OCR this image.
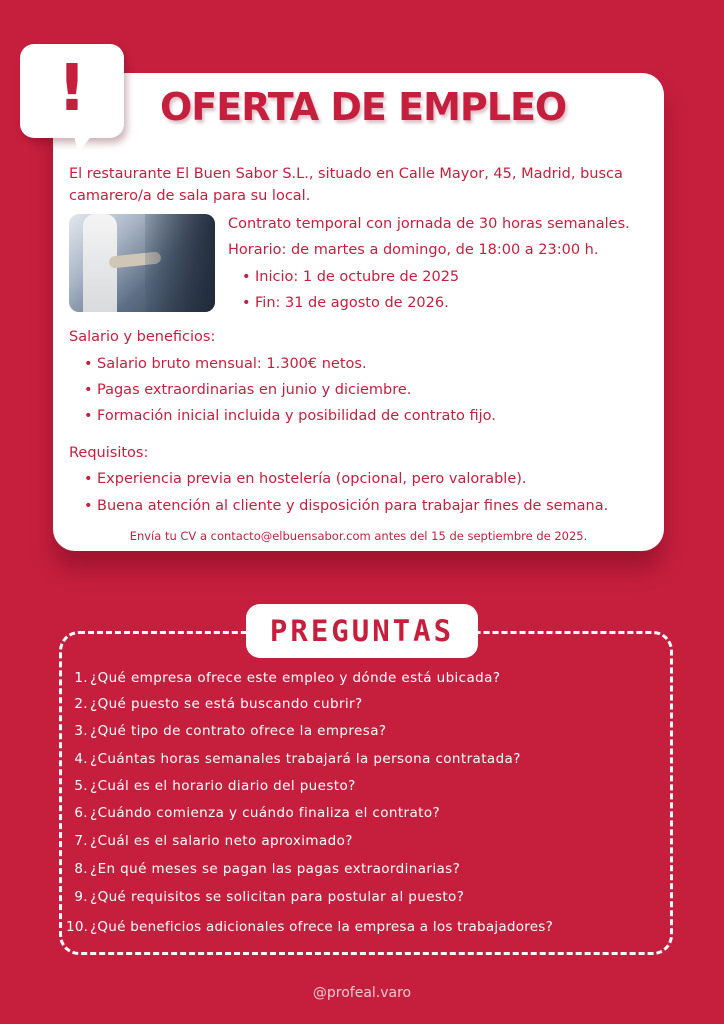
!	OFERTA DE EMPLEO
El restaurante El Buen Sabor S.L., situado en Calle Mayor, 45, Madrid, busca camarero/a de sala para su local.
Contrato temporal con jornada de 30 horas semanales.
Horario: de martes a domingo, de 18:00 a 23:00 h.
• Inicio: 1 de octubre de 2025
• Fin: 31 de agosto de 2026.
Salario y beneficios:
• Salario bruto mensual: 1.300€ netos.
• Pagas extraordinarias en junio y diciembre.
• Formación inicial incluida y posibilidad de contrato fijo.
Requisitos:
• Experiencia previa en hostelería (opcional, pero valorable).
• Buena atención al cliente y disposición para trabajar fines de semana.
Envía tu CV a contacto@elbuensabor.com antes del 15 de septiembre de 2025.
PREGUNTAS
1. ¿Qué empresa ofrece este empleo y dónde está ubicada?
2. ¿Qué puesto se está buscando cubrir?
3. ¿Qué tipo de contrato ofrece la empresa?
4. ¿Cuántas horas semanales trabajará la persona contratada?
5. ¿Cuál es el horario diario del puesto?
6. ¿Cuándo comienza y cuándo finaliza el contrato?
7. ¿Cuál es el salario neto aproximado?
8. ¿En qué meses se pagan las pagas extraordinarias?
9. ¿Qué requisitos se solicitan para postular al puesto?
10. ¿Qué beneficios adicionales ofrece la empresa a los trabajadores?
@profeal.varo
